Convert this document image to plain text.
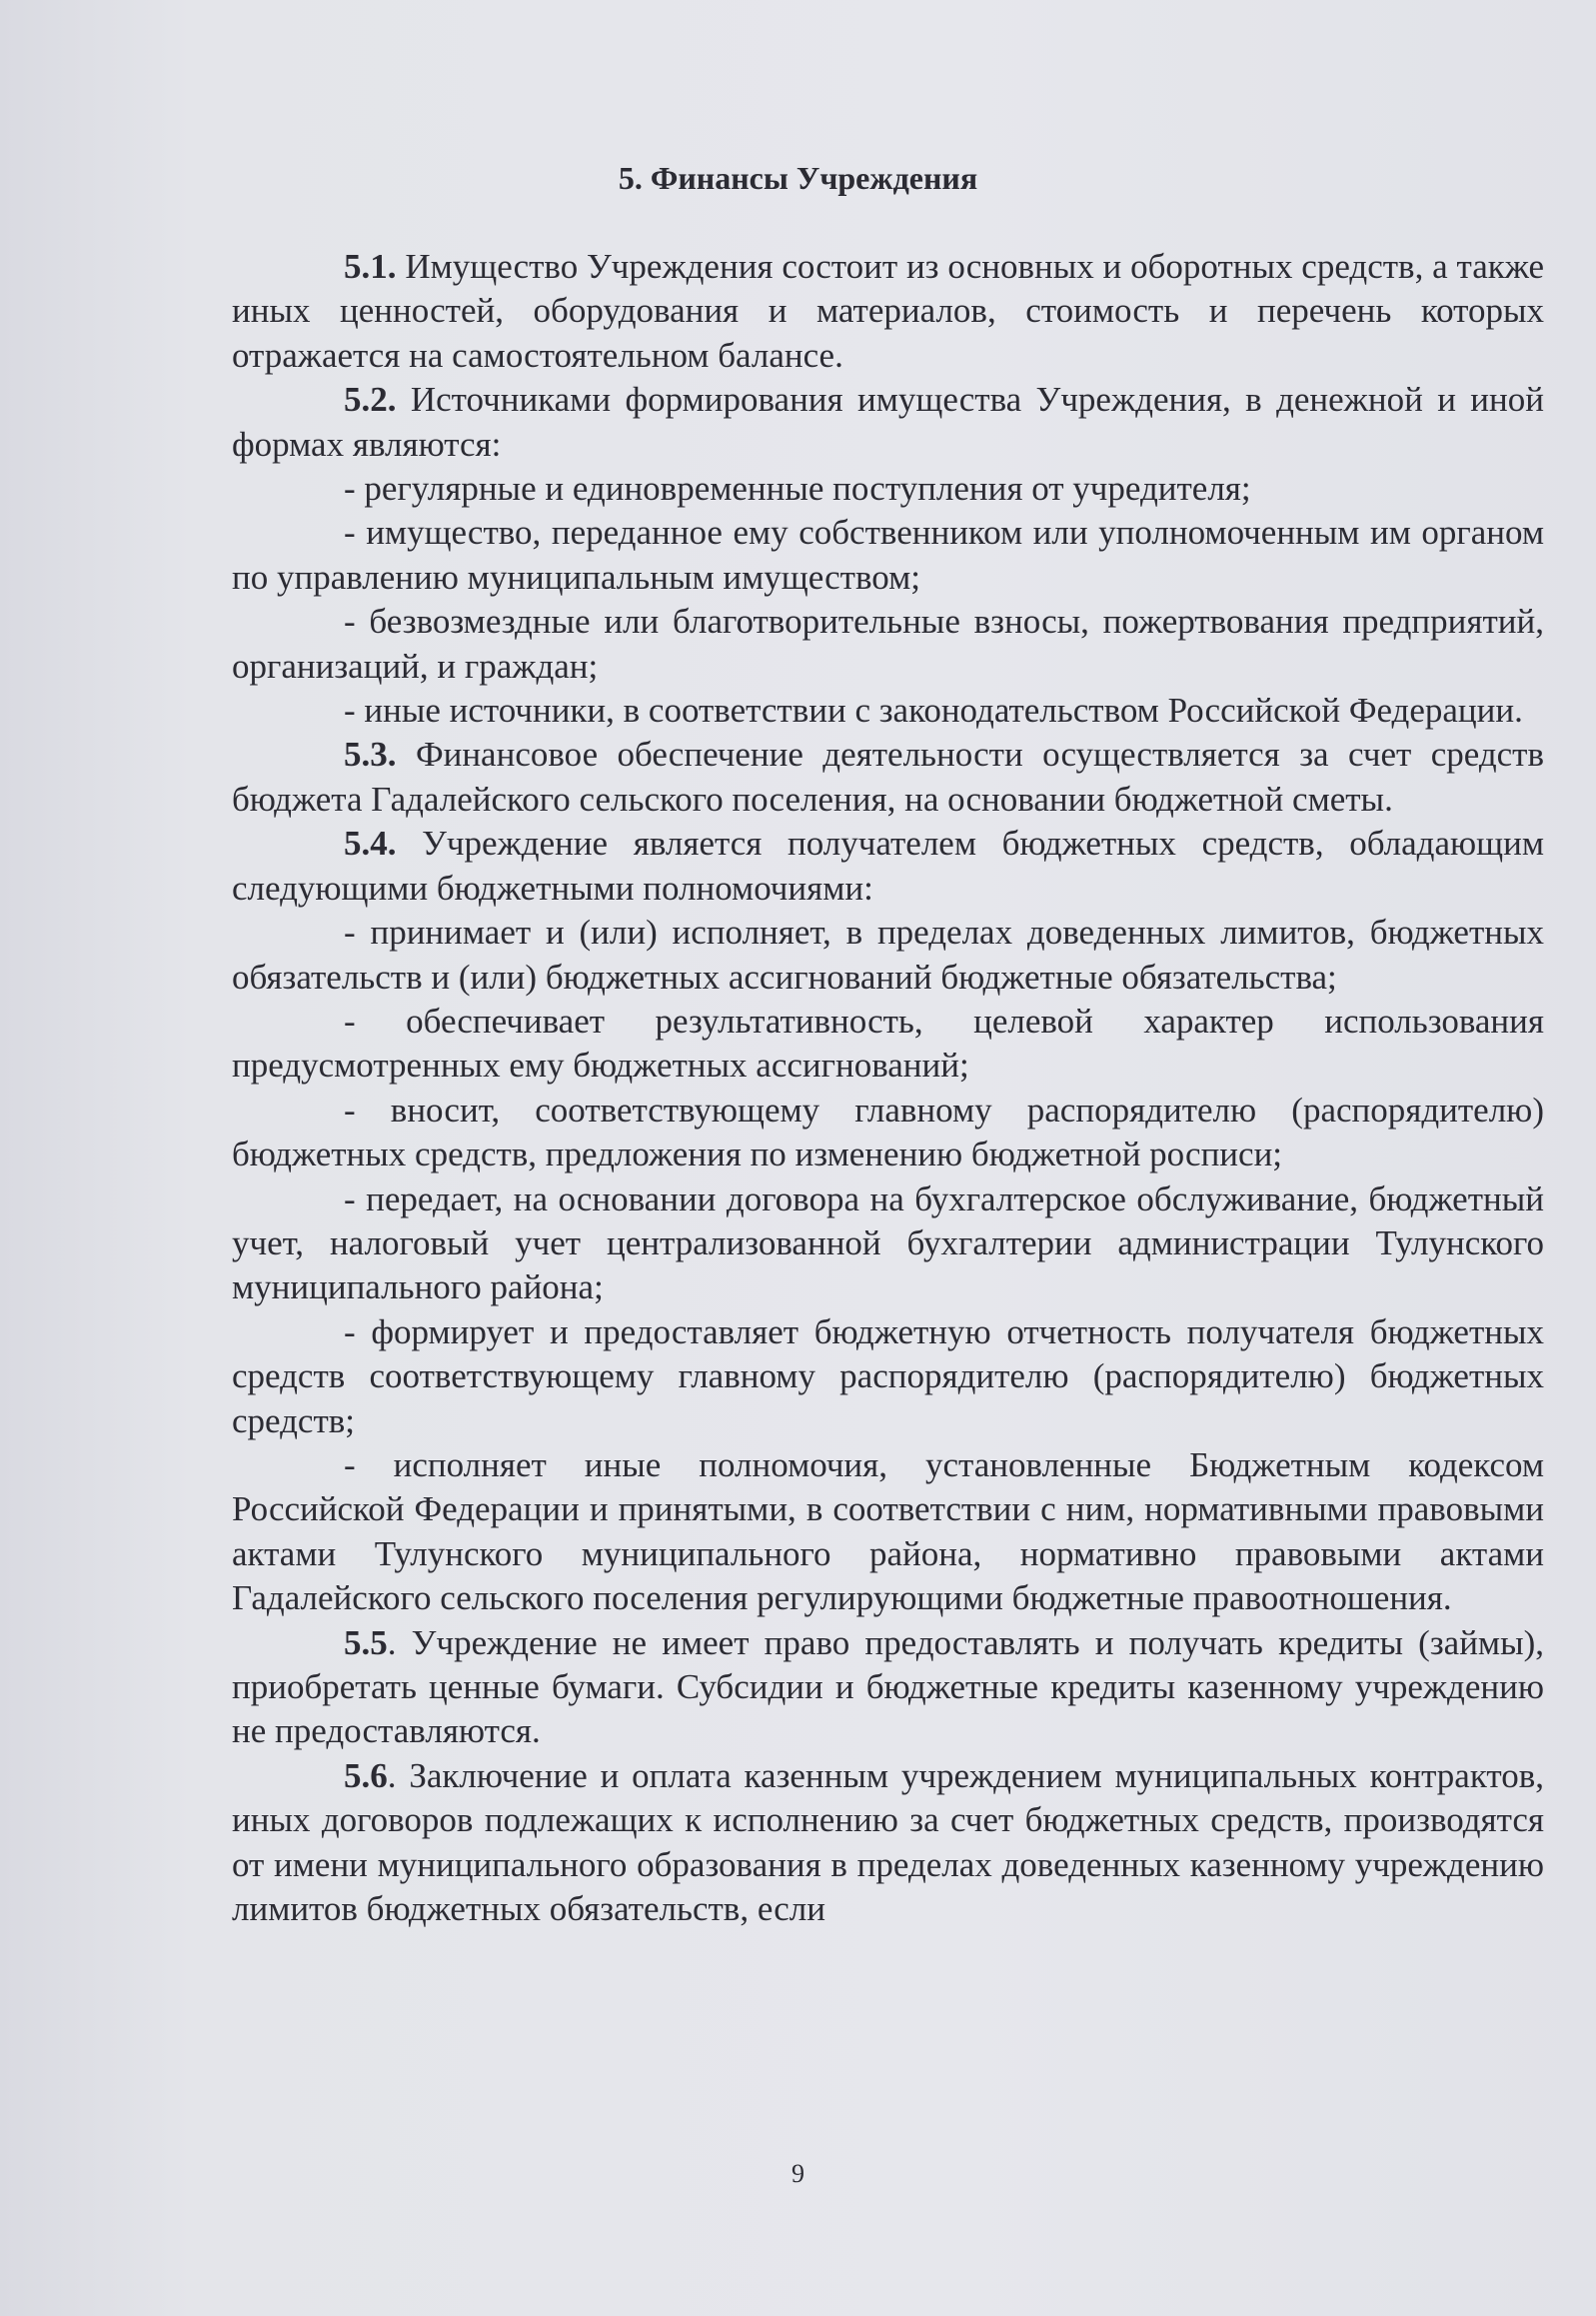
5. Финансы Учреждения

5.1. Имущество Учреждения состоит из основных и оборотных средств, а также иных ценностей, оборудования и материалов, стоимость и перечень которых отражается на самостоятельном балансе.

5.2. Источниками формирования имущества Учреждения, в денежной и иной формах являются:

- регулярные и единовременные поступления от учредителя;

- имущество, переданное ему собственником или уполномоченным им органом по управлению муниципальным имуществом;

- безвозмездные или благотворительные взносы, пожертвования предприятий, организаций, и граждан;

- иные источники, в соответствии с законодательством Российской Федерации.

5.3. Финансовое обеспечение деятельности осуществляется за счет средств бюджета Гадалейского сельского поселения, на основании бюджетной сметы.

5.4. Учреждение является получателем бюджетных средств, обладающим следующими бюджетными полномочиями:

- принимает и (или) исполняет, в пределах доведенных лимитов, бюджетных обязательств и (или) бюджетных ассигнований бюджетные обязательства;

- обеспечивает результативность, целевой характер использования предусмотренных ему бюджетных ассигнований;

- вносит, соответствующему главному распорядителю (распорядителю) бюджетных средств, предложения по изменению бюджетной росписи;

- передает, на основании договора на бухгалтерское обслуживание, бюджетный учет, налоговый учет централизованной бухгалтерии администрации Тулунского муниципального района;

- формирует и предоставляет бюджетную отчетность получателя бюджетных средств соответствующему главному распорядителю (распорядителю) бюджетных средств;

- исполняет иные полномочия, установленные Бюджетным кодексом Российской Федерации и принятыми, в соответствии с ним, нормативными правовыми актами Тулунского муниципального района, нормативно правовыми актами Гадалейского сельского поселения регулирующими бюджетные правоотношения.

5.5. Учреждение не имеет право предоставлять и получать кредиты (займы), приобретать ценные бумаги. Субсидии и бюджетные кредиты казенному учреждению не предоставляются.

5.6. Заключение и оплата казенным учреждением муниципальных контрактов, иных договоров подлежащих к исполнению за счет бюджетных средств, производятся от имени муниципального образования в пределах доведенных казенному учреждению лимитов бюджетных обязательств, если

9
